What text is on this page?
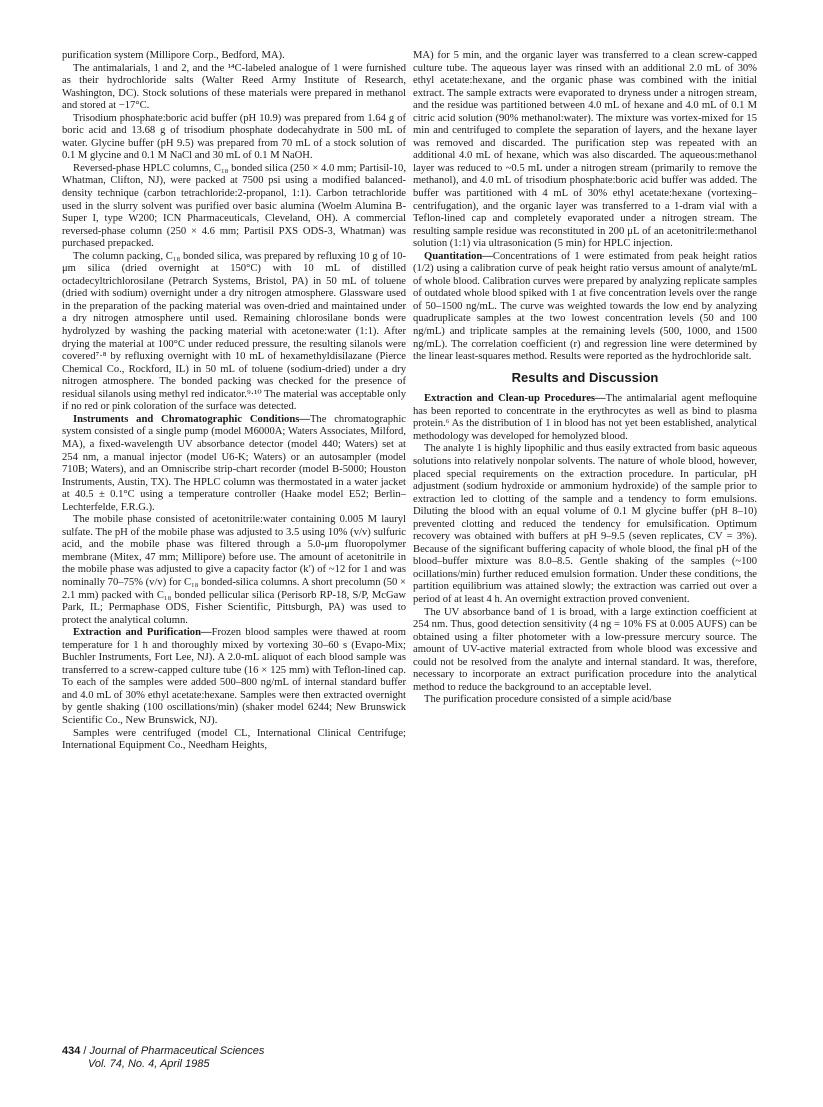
purification system (Millipore Corp., Bedford, MA).

The antimalarials, 1 and 2, and the ¹⁴C-labeled analogue of 1 were furnished as their hydrochloride salts (Walter Reed Army Institute of Research, Washington, DC). Stock solutions of these materials were prepared in methanol and stored at −17°C.

Trisodium phosphate:boric acid buffer (pH 10.9) was prepared from 1.64 g of boric acid and 13.68 g of trisodium phosphate dodecahydrate in 500 mL of water. Glycine buffer (pH 9.5) was prepared from 70 mL of a stock solution of 0.1 M glycine and 0.1 M NaCl and 30 mL of 0.1 M NaOH.

Reversed-phase HPLC columns, C₁₈ bonded silica (250 × 4.0 mm; Partisil-10, Whatman, Clifton, NJ), were packed at 7500 psi using a modified balanced-density technique (carbon tetrachloride:2-propanol, 1:1). Carbon tetrachloride used in the slurry solvent was purified over basic alumina (Woelm Alumina B-Super I, type W200; ICN Pharmaceuticals, Cleveland, OH). A commercial reversed-phase column (250 × 4.6 mm; Partisil PXS ODS-3, Whatman) was purchased prepacked.

The column packing, C₁₈ bonded silica, was prepared by refluxing 10 g of 10-μm silica (dried overnight at 150°C) with 10 mL of distilled octadecyltrichlorosilane (Petrarch Systems, Bristol, PA) in 50 mL of toluene (dried with sodium) overnight under a dry nitrogen atmosphere. Glassware used in the preparation of the packing material was oven-dried and maintained under a dry nitrogen atmosphere until used. Remaining chlorosilane bonds were hydrolyzed by washing the packing material with acetone:water (1:1). After drying the material at 100°C under reduced pressure, the resulting silanols were covered⁷·⁸ by refluxing overnight with 10 mL of hexamethyldisilazane (Pierce Chemical Co., Rockford, IL) in 50 mL of toluene (sodium-dried) under a dry nitrogen atmosphere. The bonded packing was checked for the presence of residual silanols using methyl red indicator.⁹·¹⁰ The material was acceptable only if no red or pink coloration of the surface was detected.

Instruments and Chromatographic Conditions—The chromatographic system consisted of a single pump (model M6000A; Waters Associates, Milford, MA), a fixed-wavelength UV absorbance detector (model 440; Waters) set at 254 nm, a manual injector (model U6-K; Waters) or an autosampler (model 710B; Waters), and an Omniscribe strip-chart recorder (model B-5000; Houston Instruments, Austin, TX). The HPLC column was thermostated in a water jacket at 40.5 ± 0.1°C using a temperature controller (Haake model E52; Berlin–Lechterfelde, F.R.G.).

The mobile phase consisted of acetonitrile:water containing 0.005 M lauryl sulfate. The pH of the mobile phase was adjusted to 3.5 using 10% (v/v) sulfuric acid, and the mobile phase was filtered through a 5.0-μm fluoropolymer membrane (Mitex, 47 mm; Millipore) before use. The amount of acetonitrile in the mobile phase was adjusted to give a capacity factor (k′) of ~12 for 1 and was nominally 70–75% (v/v) for C₁₈ bonded-silica columns. A short precolumn (50 × 2.1 mm) packed with C₁₈ bonded pellicular silica (Perisorb RP-18, S/P, McGaw Park, IL; Permaphase ODS, Fisher Scientific, Pittsburgh, PA) was used to protect the analytical column.

Extraction and Purification—Frozen blood samples were thawed at room temperature for 1 h and thoroughly mixed by vortexing 30–60 s (Evapo-Mix; Buchler Instruments, Fort Lee, NJ). A 2.0-mL aliquot of each blood sample was transferred to a screw-capped culture tube (16 × 125 mm) with Teflon-lined cap. To each of the samples were added 500–800 ng/mL of internal standard buffer and 4.0 mL of 30% ethyl acetate:hexane. Samples were then extracted overnight by gentle shaking (100 oscillations/min) (shaker model 6244; New Brunswick Scientific Co., New Brunswick, NJ).

Samples were centrifuged (model CL, International Clinical Centrifuge; International Equipment Co., Needham Heights,

MA) for 5 min, and the organic layer was transferred to a clean screw-capped culture tube. The aqueous layer was rinsed with an additional 2.0 mL of 30% ethyl acetate:hexane, and the organic phase was combined with the initial extract. The sample extracts were evaporated to dryness under a nitrogen stream, and the residue was partitioned between 4.0 mL of hexane and 4.0 mL of 0.1 M citric acid solution (90% methanol:water). The mixture was vortex-mixed for 15 min and centrifuged to complete the separation of layers, and the hexane layer was removed and discarded. The purification step was repeated with an additional 4.0 mL of hexane, which was also discarded. The aqueous:methanol layer was reduced to ~0.5 mL under a nitrogen stream (primarily to remove the methanol), and 4.0 mL of trisodium phosphate:boric acid buffer was added. The buffer was partitioned with 4 mL of 30% ethyl acetate:hexane (vortexing–centrifugation), and the organic layer was transferred to a 1-dram vial with a Teflon-lined cap and completely evaporated under a nitrogen stream. The resulting sample residue was reconstituted in 200 μL of an acetonitrile:methanol solution (1:1) via ultrasonication (5 min) for HPLC injection.

Quantitation—Concentrations of 1 were estimated from peak height ratios (1/2) using a calibration curve of peak height ratio versus amount of analyte/mL of whole blood. Calibration curves were prepared by analyzing replicate samples of outdated whole blood spiked with 1 at five concentration levels over the range of 50–1500 ng/mL. The curve was weighted towards the low end by analyzing quadruplicate samples at the two lowest concentration levels (50 and 100 ng/mL) and triplicate samples at the remaining levels (500, 1000, and 1500 ng/mL). The correlation coefficient (r) and regression line were determined by the linear least-squares method. Results were reported as the hydrochloride salt.

Results and Discussion

Extraction and Clean-up Procedures—The antimalarial agent mefloquine has been reported to concentrate in the erythrocytes as well as bind to plasma protein.⁶ As the distribution of 1 in blood has not yet been established, analytical methodology was developed for hemolyzed blood.

The analyte 1 is highly lipophilic and thus easily extracted from basic aqueous solutions into relatively nonpolar solvents. The nature of whole blood, however, placed special requirements on the extraction procedure. In particular, pH adjustment (sodium hydroxide or ammonium hydroxide) of the sample prior to extraction led to clotting of the sample and a tendency to form emulsions. Diluting the blood with an equal volume of 0.1 M glycine buffer (pH 8–10) prevented clotting and reduced the tendency for emulsification. Optimum recovery was obtained with buffers at pH 9–9.5 (seven replicates, CV = 3%). Because of the significant buffering capacity of whole blood, the final pH of the blood–buffer mixture was 8.0–8.5. Gentle shaking of the samples (~100 ocillations/min) further reduced emulsion formation. Under these conditions, the partition equilibrium was attained slowly; the extraction was carried out over a period of at least 4 h. An overnight extraction proved convenient.

The UV absorbance band of 1 is broad, with a large extinction coefficient at 254 nm. Thus, good detection sensitivity (4 ng = 10% FS at 0.005 AUFS) can be obtained using a filter photometer with a low-pressure mercury source. The amount of UV-active material extracted from whole blood was excessive and could not be resolved from the analyte and internal standard. It was, therefore, necessary to incorporate an extract purification procedure into the analytical method to reduce the background to an acceptable level.

The purification procedure consisted of a simple acid/base

434 / Journal of Pharmaceutical Sciences
Vol. 74, No. 4, April 1985
